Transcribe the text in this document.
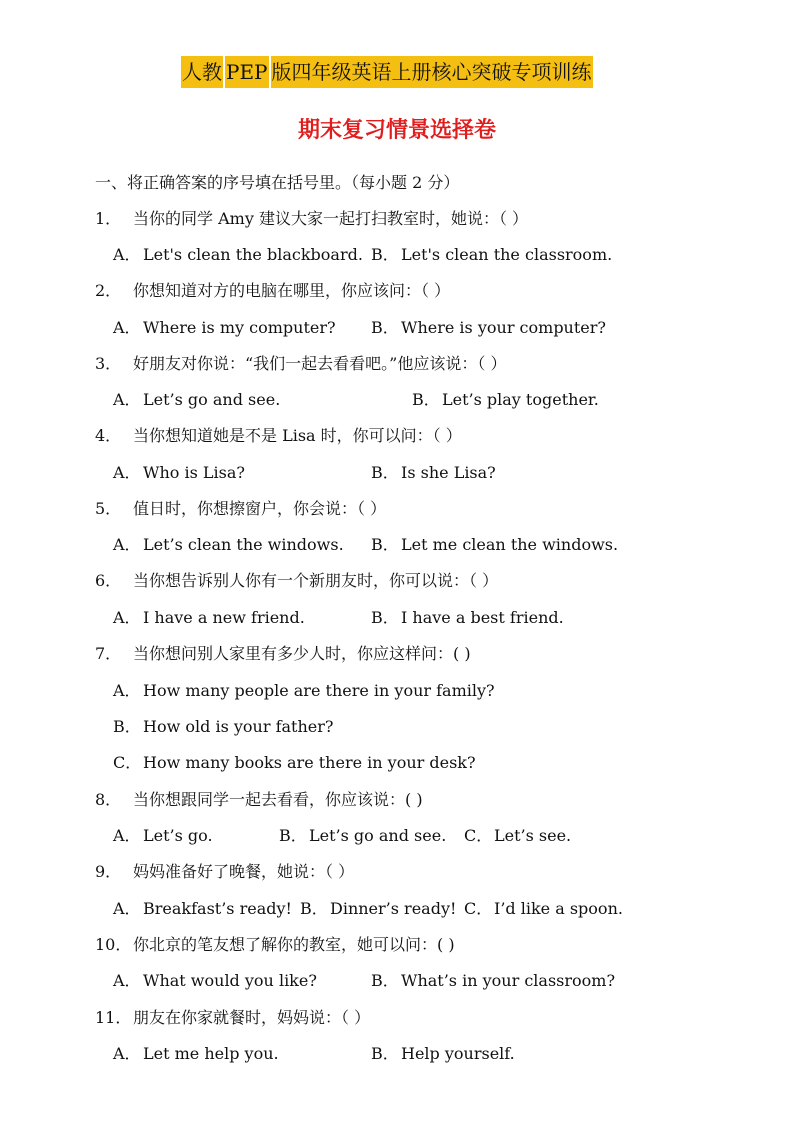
人教 PEP 版四年级英语上册核心突破专项训练
期末复习情景选择卷
一、将正确答案的序号填在括号里。（每小题 2 分）
1． 当你的同学 Amy 建议大家一起打扫教室时，她说：（ ）
A． Let's clean the blackboard. B． Let's clean the classroom.
2． 你想知道对方的电脑在哪里，你应该问：（ ）
A． Where is my computer? B． Where is your computer?
3． 好朋友对你说：“我们一起去看看吧。”他应该说：（ ）
A． Let’s go and see.	B． Let’s play together.
4． 当你想知道她是不是 Lisa 时，你可以问：（ ）
A． Who is Lisa?	B． Is she Lisa?
5． 值日时，你想擦窗户，你会说：（ ）
A． Let’s clean the windows. B． Let me clean the windows.
6． 当你想告诉别人你有一个新朋友时，你可以说：（ ）
A． I have a new friend.	B． I have a best friend.
7． 当你想问别人家里有多少人时，你应这样问：( )
A． How many people are there in your family?
B． How old is your father?
C． How many books are there in your desk?
8． 当你想跟同学一起去看看，你应该说：( )
A． Let’s go.	B． Let’s go and see. C． Let’s see.
9． 妈妈准备好了晚餐，她说：（ ）
A． Breakfast’s ready! B． Dinner’s ready! C． I’d like a spoon.
10． 你北京的笔友想了解你的教室，她可以问：( )
A． What would you like?	B． What’s in your classroom?
11． 朋友在你家就餐时，妈妈说：（ ）
A． Let me help you.	B． Help yourself.
